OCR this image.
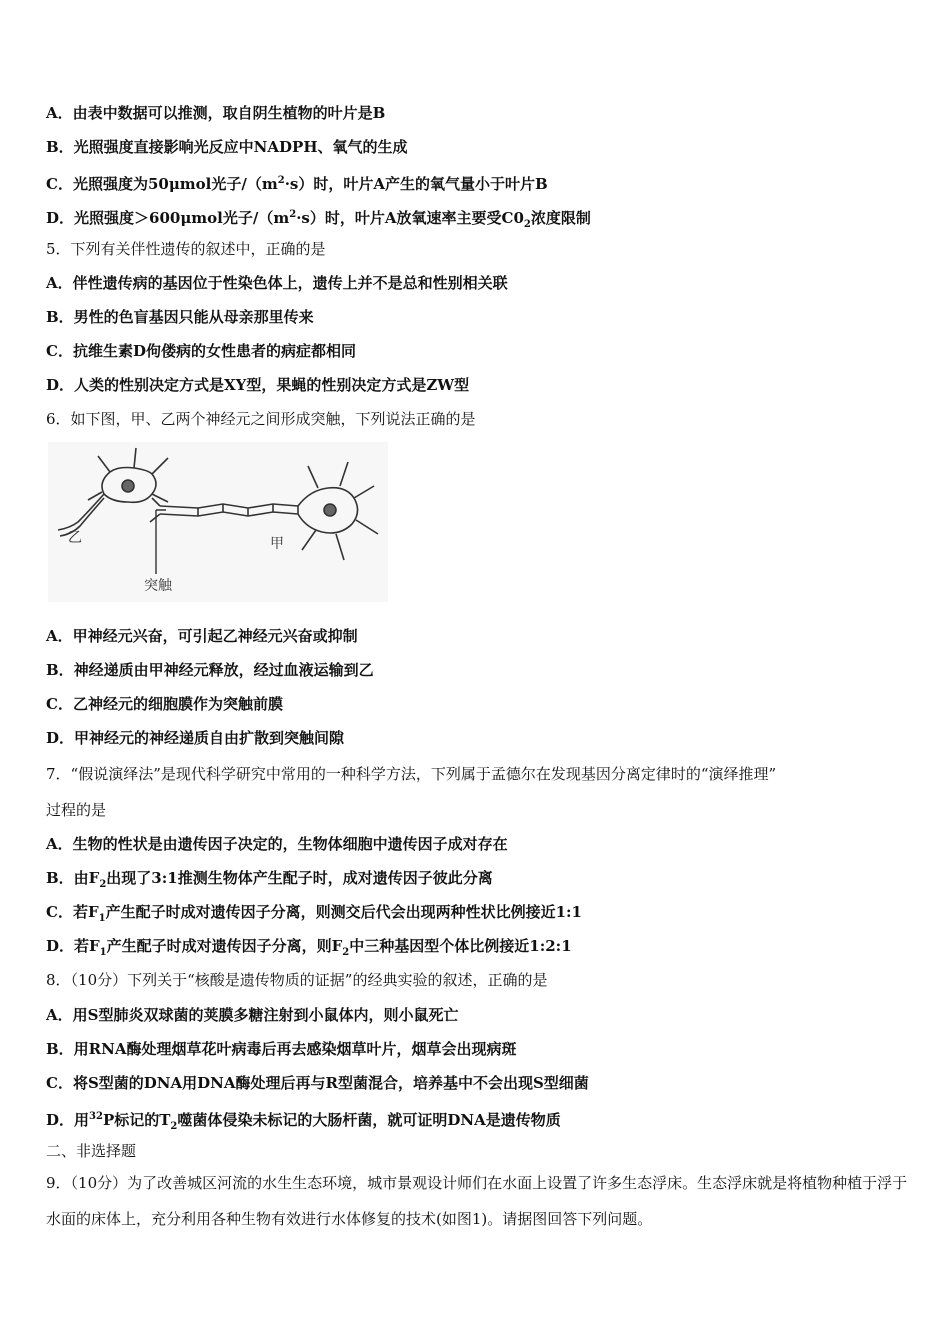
A．由表中数据可以推测，取自阴生植物的叶片是B
B．光照强度直接影响光反应中NADPH、氧气的生成
C．光照强度为50μmol光子$/(m^2\cdot s)$时，叶片A产生的氧气量小于叶片B
D．光照强度＞600μmol光子$/(m^2\cdot s)$时，叶片A放氧速率主要受$C0_2$浓度限制
5．下列有关伴性遗传的叙述中，正确的是
A．伴性遗传病的基因位于性染色体上，遗传上并不是总和性别相关联
B．男性的色盲基因只能从母亲那里传来
C．抗维生素D佝偻病的女性患者的病症都相同
D．人类的性别决定方式是XY型，果蝇的性别决定方式是ZW型
6．如下图，甲、乙两个神经元之间形成突触，下列说法正确的是
乙	甲
突触
A．甲神经元兴奋，可引起乙神经元兴奋或抑制
B．神经递质由甲神经元释放，经过血液运输到乙
C．乙神经元的细胞膜作为突触前膜
D．甲神经元的神经递质自由扩散到突触间隙
7．“假说演绎法”是现代科学研究中常用的一种科学方法，下列属于孟德尔在发现基因分离定律时的“演绎推理”
过程的是
A．生物的性状是由遗传因子决定的，生物体细胞中遗传因子成对存在
B．由$F_2$出现了3:1推测生物体产生配子时，成对遗传因子彼此分离
C．若$F_1$产生配子时成对遗传因子分离，则测交后代会出现两种性状比例接近1:1
D．若$F_1$产生配子时成对遗传因子分离，则$F_2$中三种基因型个体比例接近1:2:1
8．（10分）下列关于“核酸是遗传物质的证据”的经典实验的叙述，正确的是
A．用S型肺炎双球菌的荚膜多糖注射到小鼠体内，则小鼠死亡
B．用RNA酶处理烟草花叶病毒后再去感染烟草叶片，烟草会出现病斑
C．将S型菌的DNA用DNA酶处理后再与R型菌混合，培养基中不会出现S型细菌
D．用$^{32}$P标记的$T_2$噬菌体侵染未标记的大肠杆菌，就可证明DNA是遗传物质
二、非选择题
9．（10分）为了改善城区河流的水生生态环境，城市景观设计师们在水面上设置了许多生态浮床。生态浮床就是将植物种植于浮于水面的床体上，充分利用各种生物有效进行水体修复的技术(如图1)。请据图回答下列问题。
